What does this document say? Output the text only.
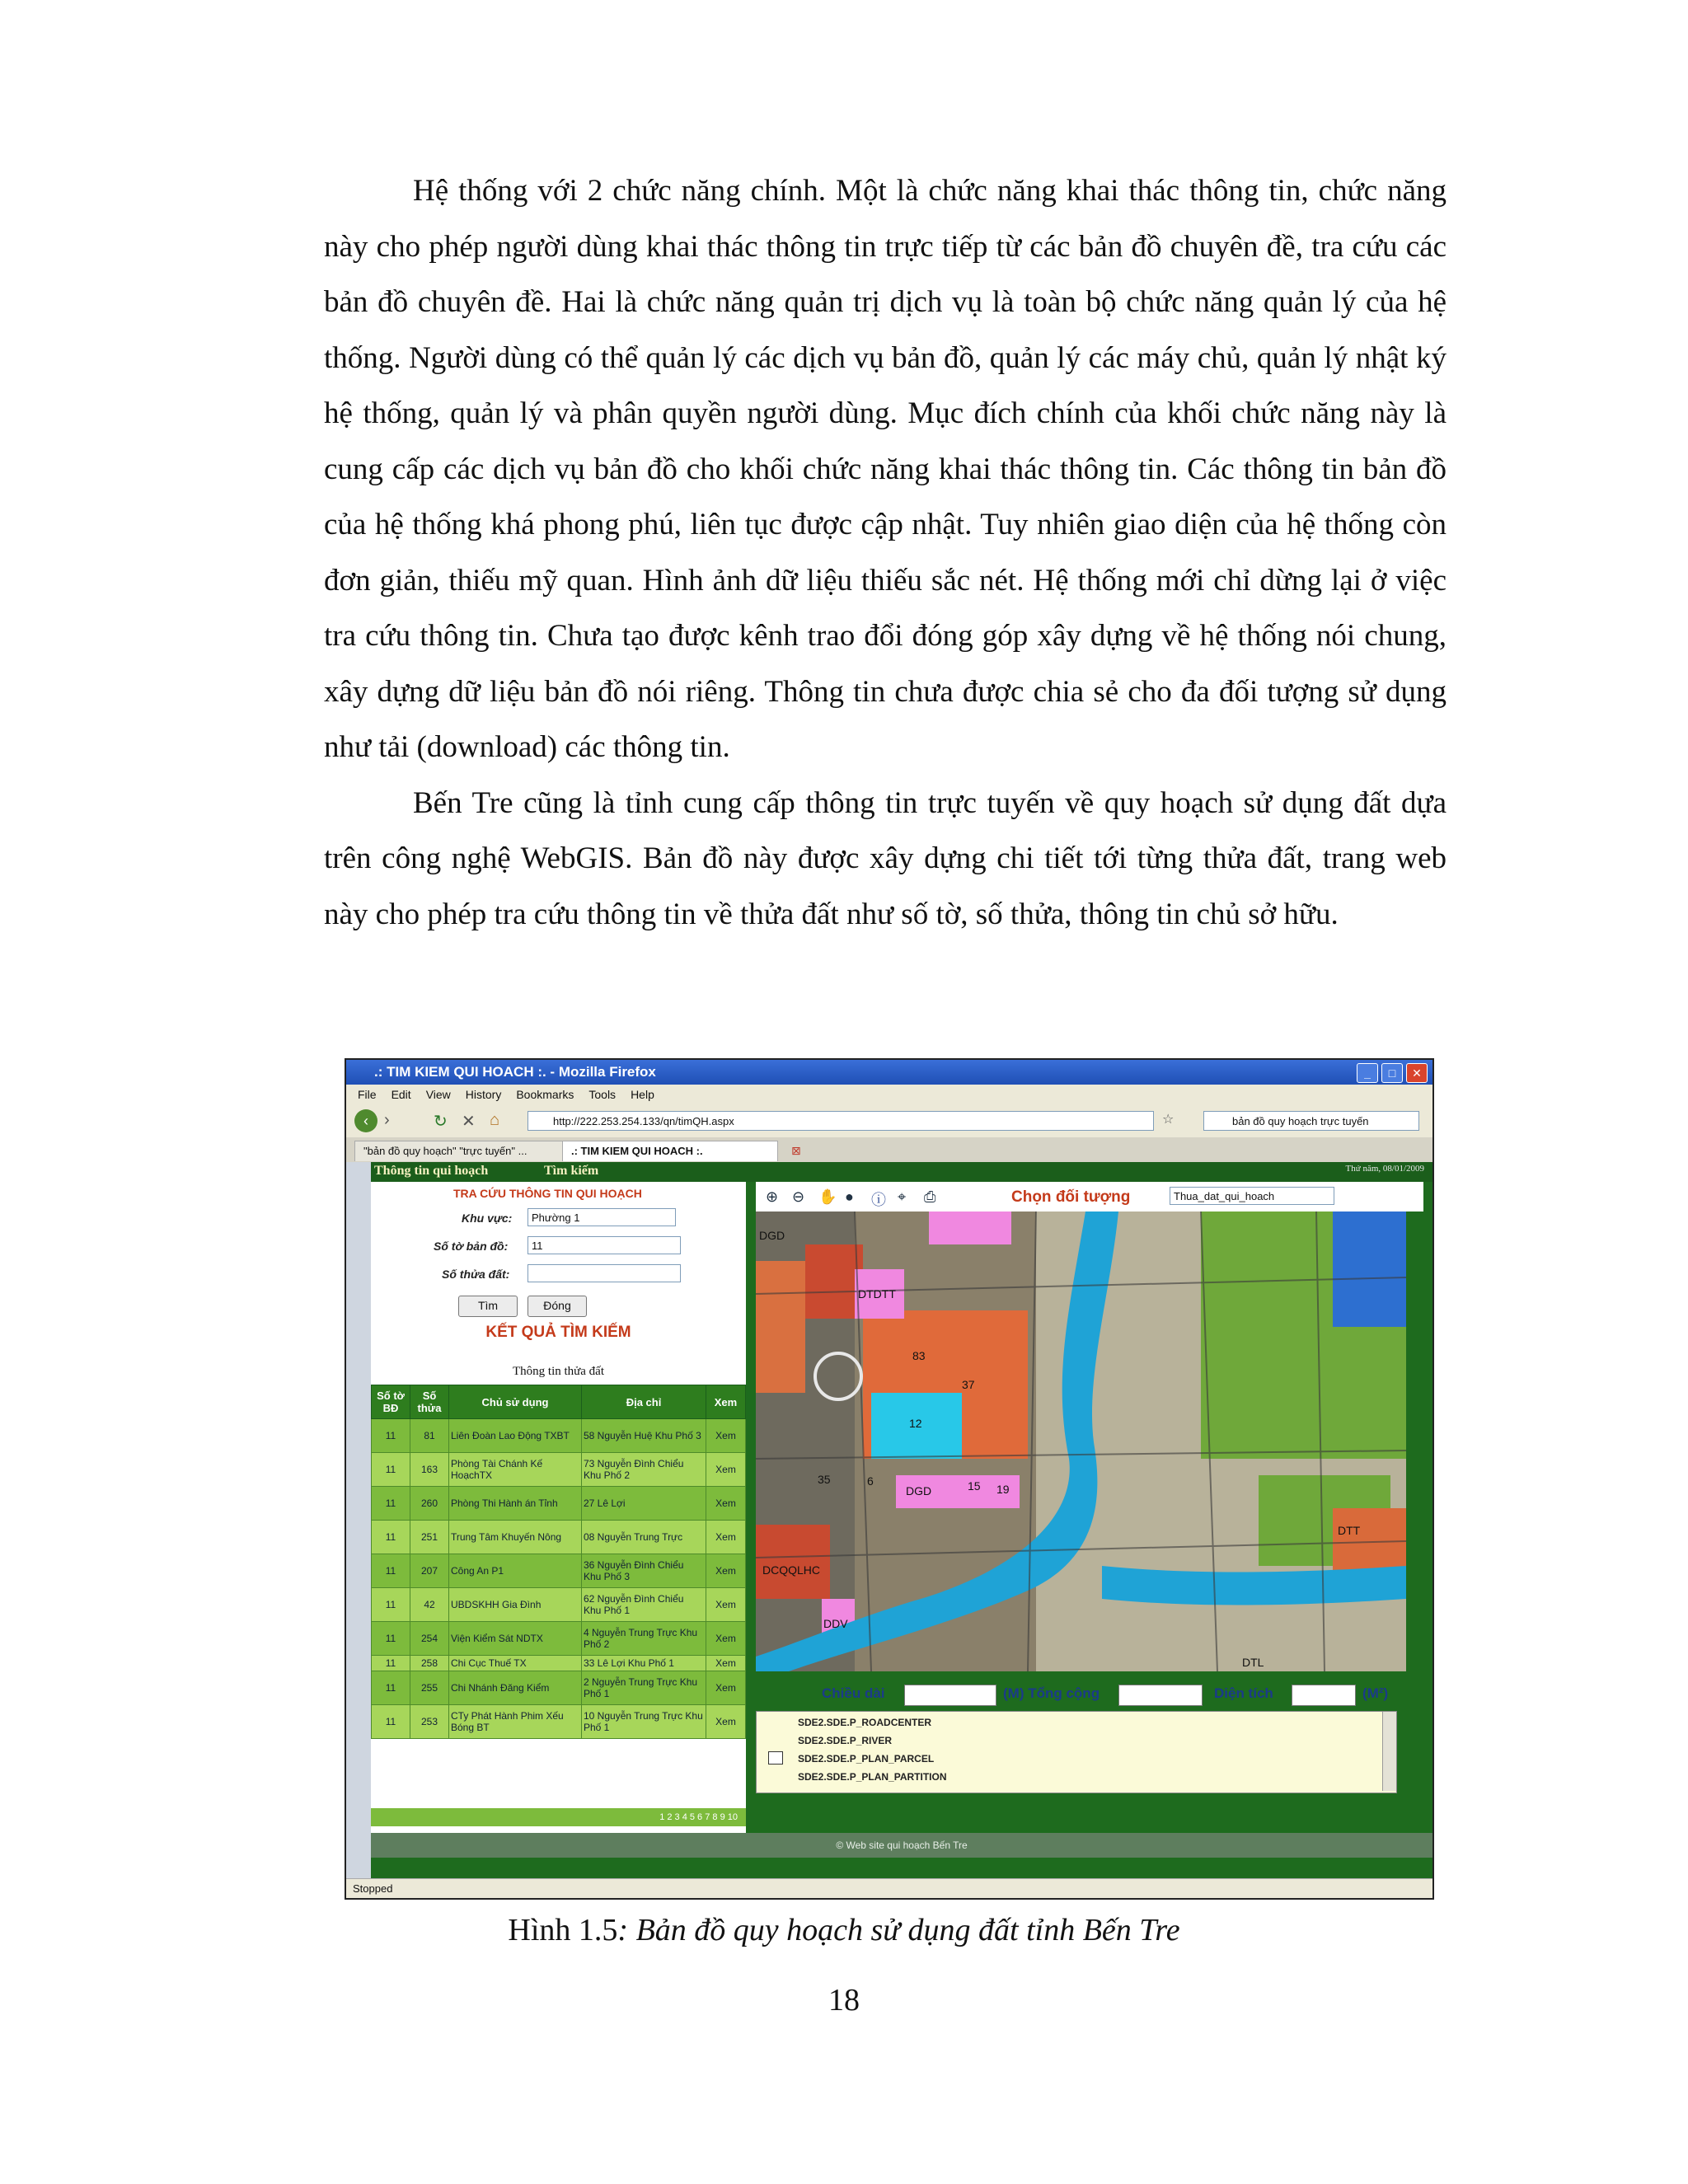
Hệ thống với 2 chức năng chính. Một là chức năng khai thác thông tin, chức năng này cho phép người dùng khai thác thông tin trực tiếp từ các bản đồ chuyên đề, tra cứu các bản đồ chuyên đề. Hai là chức năng quản trị dịch vụ là toàn bộ chức năng quản lý của hệ thống. Người dùng có thể quản lý các dịch vụ bản đồ, quản lý các máy chủ, quản lý nhật ký hệ thống, quản lý và phân quyền người dùng. Mục đích chính của khối chức năng này là cung cấp các dịch vụ bản đồ cho khối chức năng khai thác thông tin. Các thông tin bản đồ của hệ thống khá phong phú, liên tục được cập nhật. Tuy nhiên giao diện của hệ thống còn đơn giản, thiếu mỹ quan. Hình ảnh dữ liệu thiếu sắc nét. Hệ thống mới chỉ dừng lại ở việc tra cứu thông tin. Chưa tạo được kênh trao đổi đóng góp xây dựng về hệ thống nói chung, xây dựng dữ liệu bản đồ nói riêng. Thông tin chưa được chia sẻ cho đa đối tượng sử dụng như tải (download) các thông tin.

Bến Tre cũng là tỉnh cung cấp thông tin trực tuyến về quy hoạch sử dụng đất dựa trên công nghệ WebGIS. Bản đồ này được xây dựng chi tiết tới từng thửa đất, trang web này cho phép tra cứu thông tin về thửa đất như số tờ, số thửa, thông tin chủ sở hữu.

.: TIM KIEM QUI HOACH :. - Mozilla Firefox	_	□	✕
File Edit View History Bookmarks Tools Help
‹ ›	↻ ✕ ⌂	http://222.253.254.133/qn/timQH.aspx	☆	bản đồ quy hoạch trực tuyến
"bản đồ quy hoạch" "trực tuyến" ...	.: TIM KIEM QUI HOACH :.	⊠
Thông tin qui hoạch	Tìm kiếm	Thứ năm, 08/01/2009
TRA CỨU THÔNG TIN QUI HOẠCH
Khu vực:	Phường 1
Số tờ bản đồ:	11
Số thửa đất:
Tìm	Đóng
KẾT QUẢ TÌM KIẾM
Thông tin thửa đất
Số tờ BĐ	Số thửa	Chủ sử dụng	Địa chỉ	Xem
11	81	Liên Đoàn Lao Động TXBT	58 Nguyễn Huệ Khu Phố 3	Xem
11	163	Phòng Tài Chánh Kế HoạchTX	73 Nguyễn Đình Chiểu Khu Phố 2	Xem
11	260	Phòng Thi Hành án Tỉnh	27 Lê Lợi	Xem
11	251	Trung Tâm Khuyến Nông	08 Nguyễn Trung Trực	Xem
11	207	Công An P1	36 Nguyễn Đình Chiểu Khu Phố 3	Xem
11	42	UBDSKHH Gia Đình	62 Nguyễn Đình Chiểu Khu Phố 1	Xem
11	254	Viện Kiểm Sát NDTX	4 Nguyễn Trung Trực Khu Phố 2	Xem
11	258	Chi Cục Thuế TX	33 Lê Lợi Khu Phố 1	Xem
11	255	Chi Nhánh Đăng Kiểm	2 Nguyễn Trung Trực Khu Phố 1	Xem
11	253	CTy Phát Hành Phim Xếu Bóng BT	10 Nguyễn Trung Trực Khu Phố 1	Xem
1 2 3 4 5 6 7 8 9 10
⊕ ⊖ ✋ ● ⓘ ⌖ ⎙	Chọn đối tượng	Thua_dat_qui_hoach
DTDTT
DCQQLHC
DDV
DGD
DTL
DTT
DGD
12
35	6	15 19
83
37
Chiều dài	(M) Tổng cộng	Diện tích	(M²)
SDE2.SDE.P_ROADCENTER
SDE2.SDE.P_RIVER
SDE2.SDE.P_PLAN_PARCEL
SDE2.SDE.P_PLAN_PARTITION
© Web site qui hoạch Bến Tre
Stopped
Hình 1.5: Bản đồ quy hoạch sử dụng đất tỉnh Bến Tre
18
